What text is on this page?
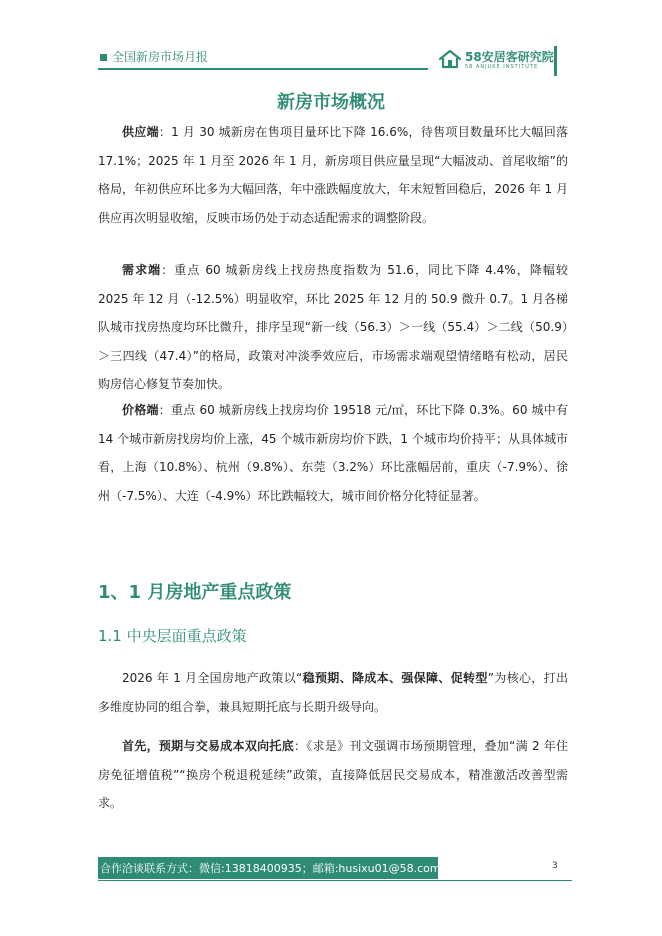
全国新房市场月报	58安居客研究院
58 ANJUKE INSTITUTE
新房市场概况

供应端：1 月 30 城新房在售项目量环比下降 16.6%，待售项目数量环比大幅回落 17.1%；2025 年 1 月至 2026 年 1 月，新房项目供应量呈现“大幅波动、首尾收缩”的格局，年初供应环比多为大幅回落，年中涨跌幅度放大，年末短暂回稳后，2026 年 1 月供应再次明显收缩，反映市场仍处于动态适配需求的调整阶段。

需求端：重点 60 城新房线上找房热度指数为 51.6，同比下降 4.4%，降幅较 2025 年 12 月（-12.5%）明显收窄，环比 2025 年 12 月的 50.9 微升 0.7。1 月各梯队城市找房热度均环比微升，排序呈现“新一线（56.3）＞一线（55.4）＞二线（50.9）＞三四线（47.4）”的格局，政策对冲淡季效应后，市场需求端观望情绪略有松动，居民购房信心修复节奏加快。

价格端：重点 60 城新房线上找房均价 19518 元/㎡，环比下降 0.3%。60 城中有 14 个城市新房找房均价上涨，45 个城市新房均价下跌，1 个城市均价持平；从具体城市看，上海（10.8%）、杭州（9.8%）、东莞（3.2%）环比涨幅居前，重庆（-7.9%）、徐州（-7.5%）、大连（-4.9%）环比跌幅较大，城市间价格分化特征显著。

1、1 月房地产重点政策
1.1 中央层面重点政策

2026 年 1 月全国房地产政策以“稳预期、降成本、强保障、促转型”为核心，打出多维度协同的组合拳，兼具短期托底与长期升级导向。

首先，预期与交易成本双向托底：《求是》刊文强调市场预期管理，叠加“满 2 年住房免征增值税”“换房个税退税延续”政策，直接降低居民交易成本，精准激活改善型需求。

合作洽谈联系方式：微信:13818400935；邮箱:husixu01@58.com；	3
